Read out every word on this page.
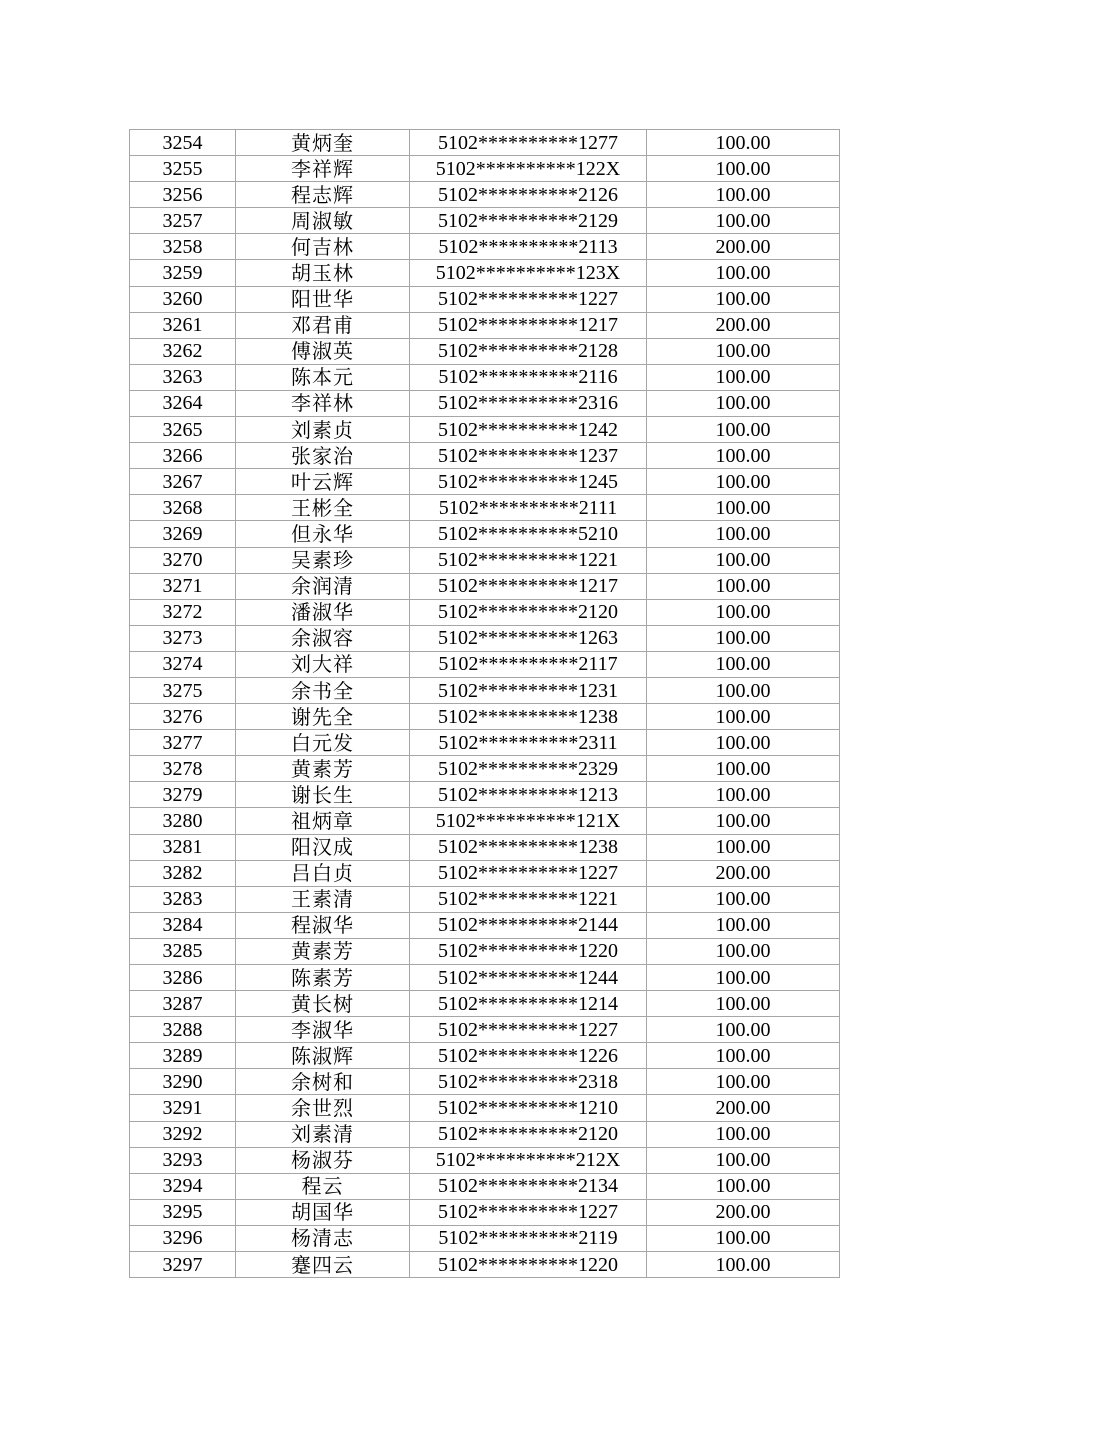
3254	黄炳奎	5102**********1277	100.00
3255	李祥辉	5102**********122X	100.00
3256	程志辉	5102**********2126	100.00
3257	周淑敏	5102**********2129	100.00
3258	何吉林	5102**********2113	200.00
3259	胡玉林	5102**********123X	100.00
3260	阳世华	5102**********1227	100.00
3261	邓君甫	5102**********1217	200.00
3262	傅淑英	5102**********2128	100.00
3263	陈本元	5102**********2116	100.00
3264	李祥林	5102**********2316	100.00
3265	刘素贞	5102**********1242	100.00
3266	张家治	5102**********1237	100.00
3267	叶云辉	5102**********1245	100.00
3268	王彬全	5102**********2111	100.00
3269	但永华	5102**********5210	100.00
3270	吴素珍	5102**********1221	100.00
3271	余润清	5102**********1217	100.00
3272	潘淑华	5102**********2120	100.00
3273	余淑容	5102**********1263	100.00
3274	刘大祥	5102**********2117	100.00
3275	余书全	5102**********1231	100.00
3276	谢先全	5102**********1238	100.00
3277	白元发	5102**********2311	100.00
3278	黄素芳	5102**********2329	100.00
3279	谢长生	5102**********1213	100.00
3280	祖炳章	5102**********121X	100.00
3281	阳汉成	5102**********1238	100.00
3282	吕白贞	5102**********1227	200.00
3283	王素清	5102**********1221	100.00
3284	程淑华	5102**********2144	100.00
3285	黄素芳	5102**********1220	100.00
3286	陈素芳	5102**********1244	100.00
3287	黄长树	5102**********1214	100.00
3288	李淑华	5102**********1227	100.00
3289	陈淑辉	5102**********1226	100.00
3290	余树和	5102**********2318	100.00
3291	余世烈	5102**********1210	200.00
3292	刘素清	5102**********2120	100.00
3293	杨淑芬	5102**********212X	100.00
3294	程云	5102**********2134	100.00
3295	胡国华	5102**********1227	200.00
3296	杨清志	5102**********2119	100.00
3297	蹇四云	5102**********1220	100.00
